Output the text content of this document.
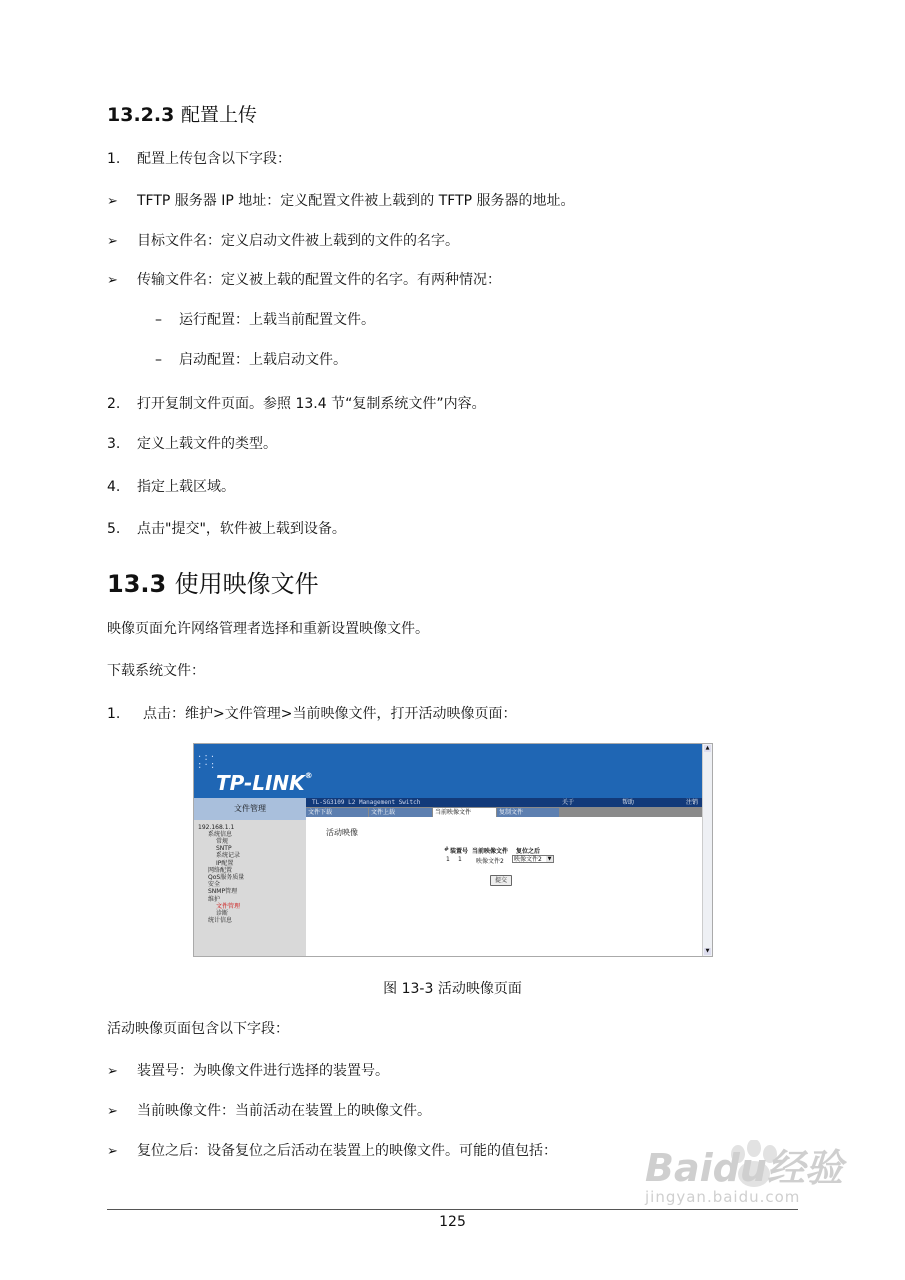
13.2.3 配置上传
1. 配置上传包含以下字段：
➢ TFTP 服务器 IP 地址：定义配置文件被上载到的 TFTP 服务器的地址。
➢ 目标文件名：定义启动文件被上载到的文件的名字。
➢ 传输文件名：定义被上载的配置文件的名字。有两种情况：
– 运行配置：上载当前配置文件。
– 启动配置：上载启动文件。
2. 打开复制文件页面。参照 13.4 节“复制系统文件”内容。
3. 定义上载文件的类型。
4. 指定上载区域。
5. 点击"提交"，软件被上载到设备。
13.3 使用映像文件
映像页面允许网络管理者选择和重新设置映像文件。
下载系统文件：
1. 点击：维护>文件管理>当前映像文件，打开活动映像页面：
· : ·
: · :
TP-LINK®
文件管理
192.168.1.1
系统信息
常规
SNTP
系统记录
IP配置
网络配置
QoS服务质量
安全
SNMP管理
维护
文件管理
诊断
统计信息
TL-SG3109 L2 Management Switch	关于	帮助	注销
文件下载	文件上载	当前映像文件	复制文件
活动映像
# 装置号 当前映像文件 复位之后
1 1 映像文件2	映像文件2	▼
提交
▲
▼
图 13-3 活动映像页面
活动映像页面包含以下字段：
➢ 装置号：为映像文件进行选择的装置号。
➢ 当前映像文件：当前活动在装置上的映像文件。
➢ 复位之后：设备复位之后活动在装置上的映像文件。可能的值包括： Baidu经验
jingyan.baidu.com
125
